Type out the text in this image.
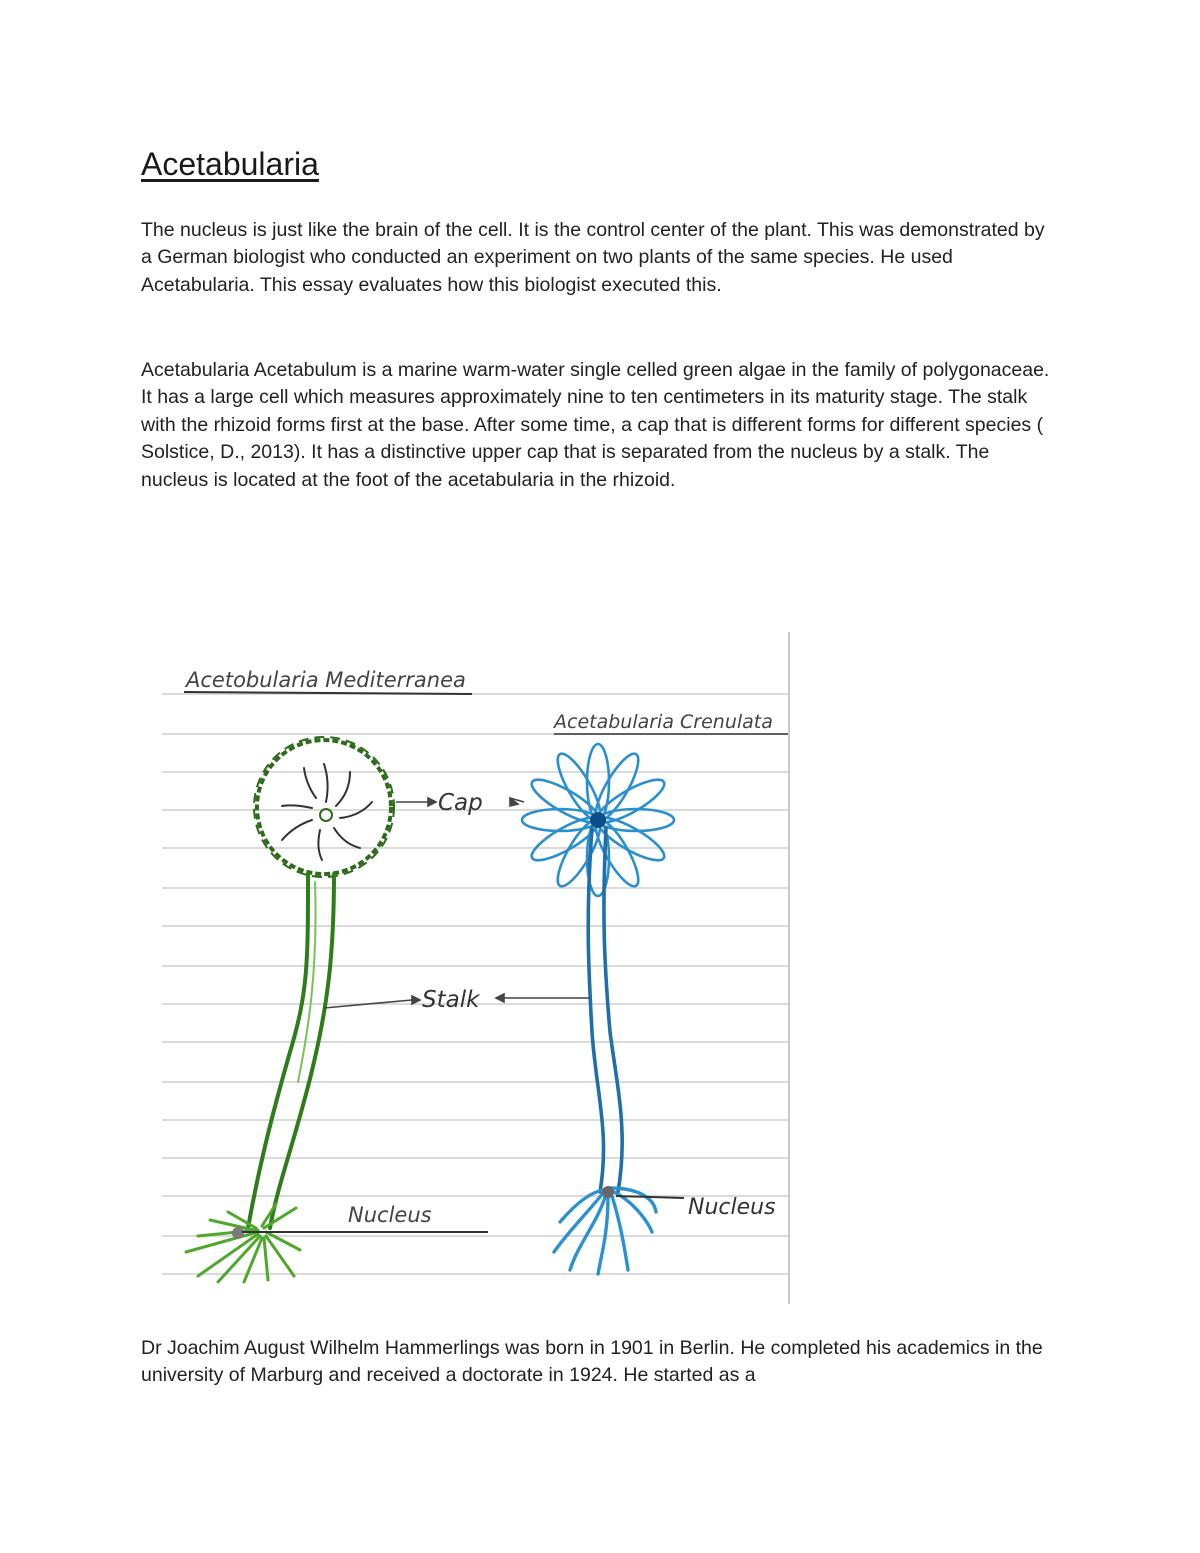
Acetabularia

The nucleus is just like the brain of the cell. It is the control center of the plant. This was demonstrated by a German biologist who conducted an experiment on two plants of the same species. He used Acetabularia. This essay evaluates how this biologist executed this.

Acetabularia Acetabulum is a marine warm-water single celled green algae in the family of polygonaceae. It has a large cell which measures approximately nine to ten centimeters in its maturity stage. The stalk with the rhizoid forms first at the base. After some time, a cap that is different forms for different species ( Solstice, D., 2013). It has a distinctive upper cap that is separated from the nucleus by a stalk. The nucleus is located at the foot of the acetabularia in the rhizoid.

Acetobularia Mediterranea
Acetabularia Crenulata
Cap
Stalk
Nucleus	Nucleus

Dr Joachim August Wilhelm Hammerlings was born in 1901 in Berlin. He completed his academics in the university of Marburg and received a doctorate in 1924. He started as a
